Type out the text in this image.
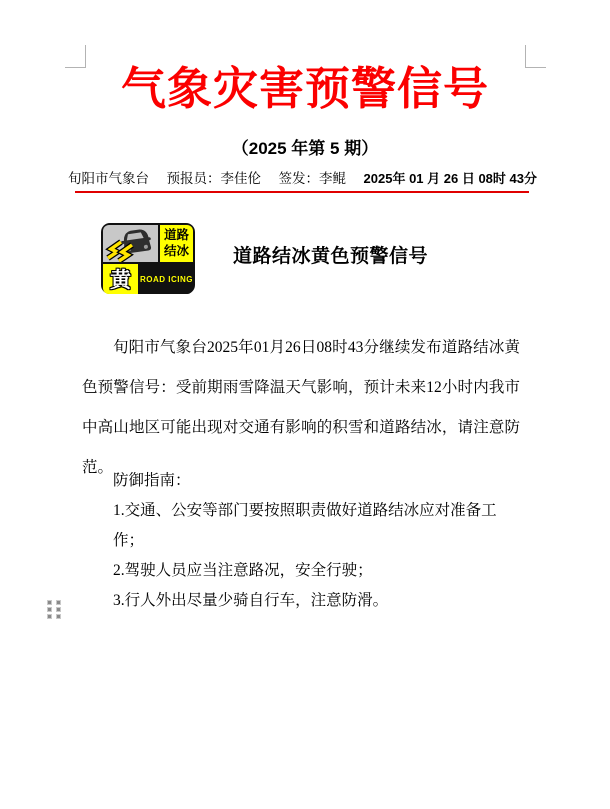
气象灾害预警信号
（2025 年第 5 期）
旬阳市气象台 预报员：李佳伦 签发：李鲲 2025年 01 月 26 日 08时 43分
道路
结冰
黄	ROAD ICING
道路结冰黄色预警信号

旬阳市气象台2025年01月26日08时43分继续发布道路结冰黄色预警信号：受前期雨雪降温天气影响，预计未来12小时内我市中高山地区可能出现对交通有影响的积雪和道路结冰，请注意防范。

防御指南：
1.交通、公安等部门要按照职责做好道路结冰应对准备工作；
2.驾驶人员应当注意路况，安全行驶；
3.行人外出尽量少骑自行车，注意防滑。
